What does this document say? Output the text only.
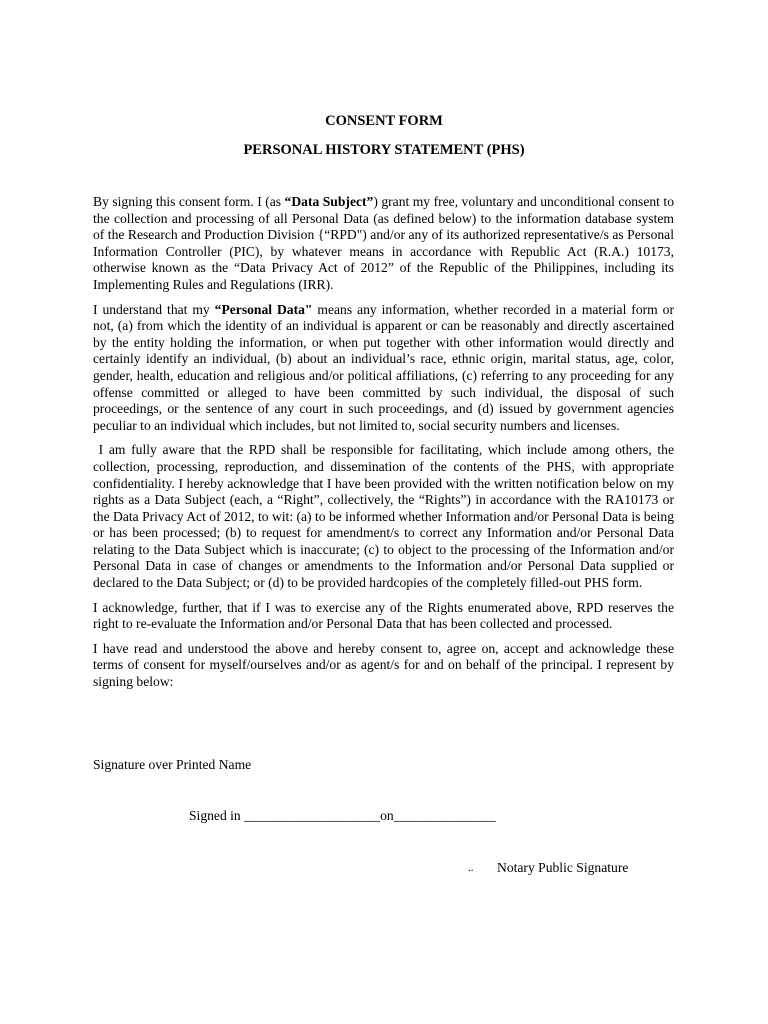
CONSENT FORM
PERSONAL HISTORY STATEMENT (PHS)

By signing this consent form. I (as “Data Subject”) grant my free, voluntary and unconditional consent to the collection and processing of all Personal Data (as defined below) to the information database system of the Research and Production Division {“RPD") and/or any of its authorized representative/s as Personal Information Controller (PIC), by whatever means in accordance with Republic Act (R.A.) 10173, otherwise known as the “Data Privacy Act of 2012” of the Republic of the Philippines, including its Implementing Rules and Regulations (IRR).

I understand that my “Personal Data" means any information, whether recorded in a material form or not, (a) from which the identity of an individual is apparent or can be reasonably and directly ascertained by the entity holding the information, or when put together with other information would directly and certainly identify an individual, (b) about an individual’s race, ethnic origin, marital status, age, color, gender, health, education and religious and/or political affiliations, (c) referring to any proceeding for any offense committed or alleged to have been committed by such individual, the disposal of such proceedings, or the sentence of any court in such proceedings, and (d) issued by government agencies peculiar to an individual which includes, but not limited to, social security numbers and licenses.

I am fully aware that the RPD shall be responsible for facilitating, which include among others, the collection, processing, reproduction, and dissemination of the contents of the PHS, with appropriate confidentiality. I hereby acknowledge that I have been provided with the written notification below on my rights as a Data Subject (each, a “Right”, collectively, the “Rights”) in accordance with the RA10173 or the Data Privacy Act of 2012, to wit: (a) to be informed whether Information and/or Personal Data is being or has been processed; (b) to request for amendment/s to correct any Information and/or Personal Data relating to the Data Subject which is inaccurate; (c) to object to the processing of the Information and/or Personal Data in case of changes or amendments to the Information and/or Personal Data supplied or declared to the Data Subject; or (d) to be provided hardcopies of the completely filled-out PHS form.

I acknowledge, further, that if I was to exercise any of the Rights enumerated above, RPD reserves the right to re-evaluate the Information and/or Personal Data that has been collected and processed.

I have read and understood the above and hereby consent to, agree on, accept and acknowledge these terms of consent for myself/ourselves and/or as agent/s for and on behalf of the principal. I represent by signing below:

Signature over Printed Name

Signed in ____________________on_______________

.. Notary Public Signature
